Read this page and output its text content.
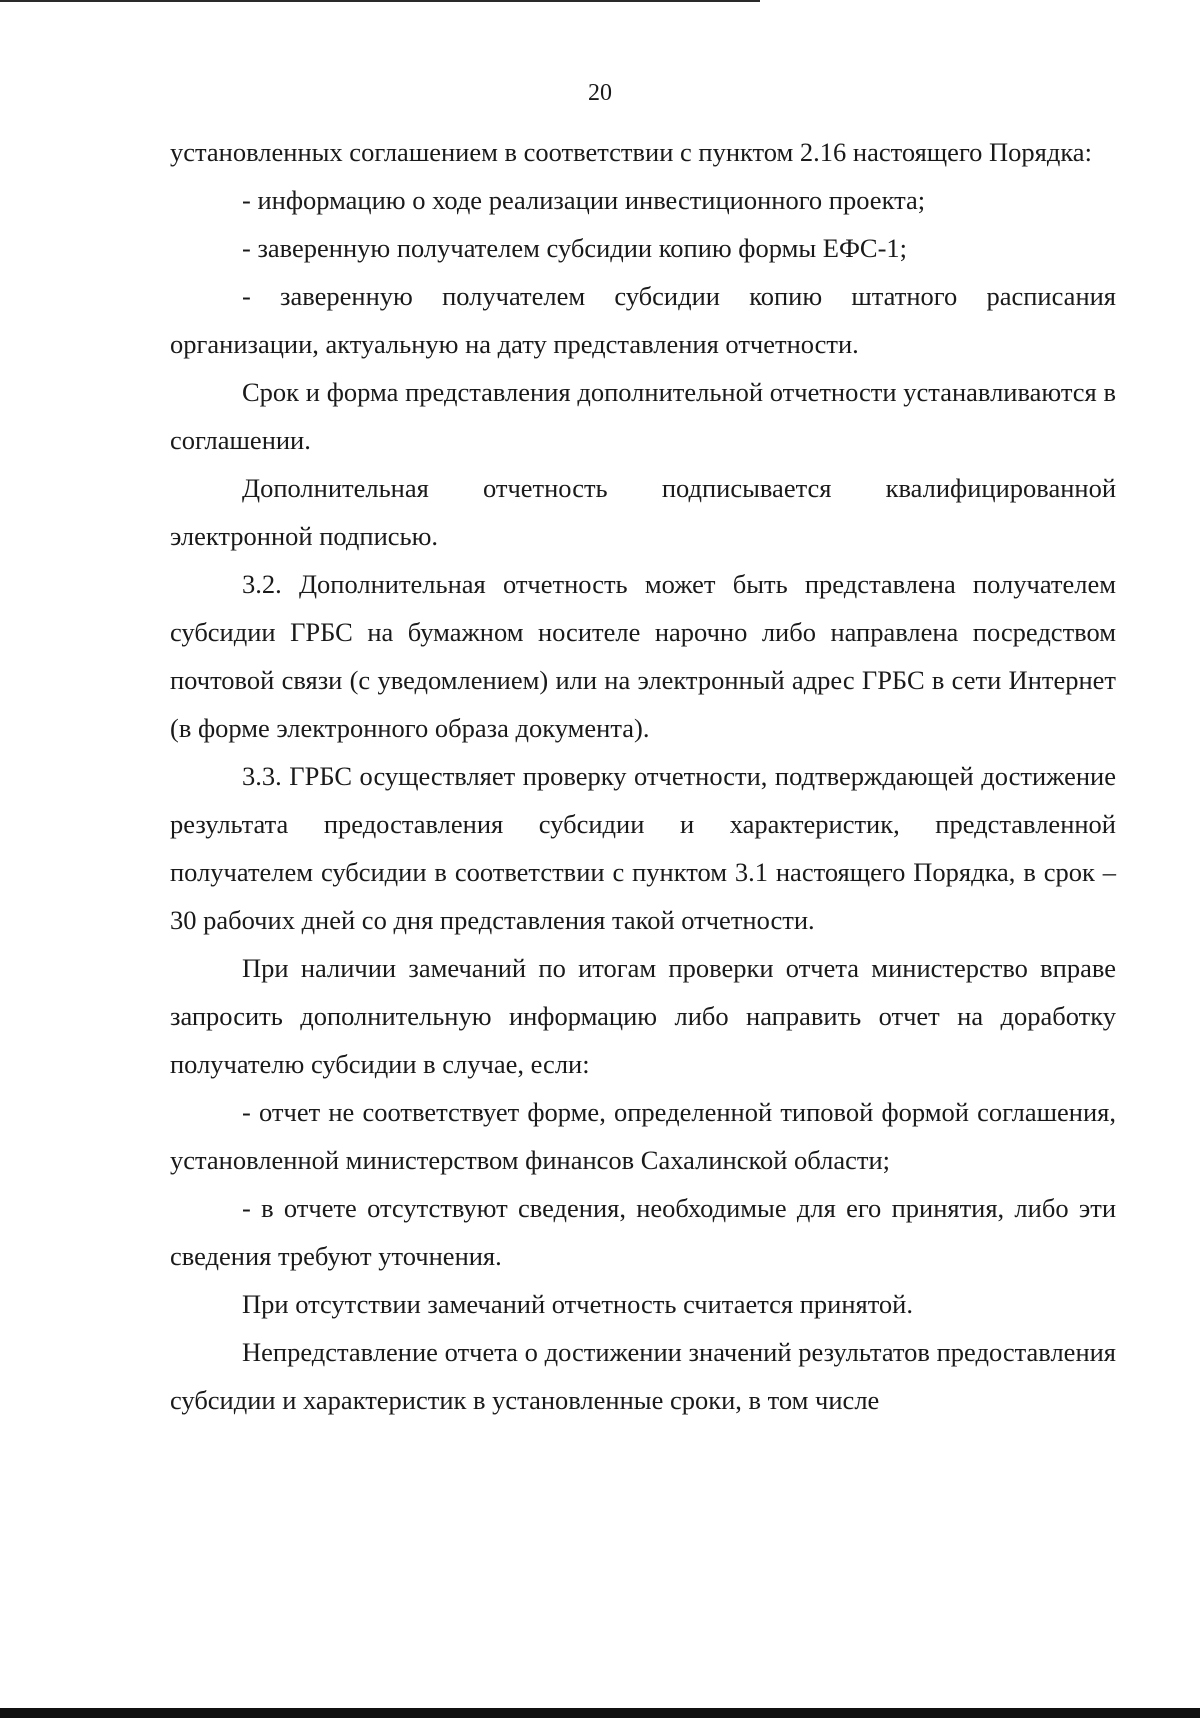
20

установленных соглашением в соответствии с пунктом 2.16 настоящего Порядка:

- информацию о ходе реализации инвестиционного проекта;

- заверенную получателем субсидии копию формы ЕФС-1;

- заверенную получателем субсидии копию штатного расписания организации, актуальную на дату представления отчетности.

Срок и форма представления дополнительной отчетности устанавливаются в соглашении.

Дополнительная отчетность подписывается квалифицированной электронной подписью.

3.2. Дополнительная отчетность может быть представлена получателем субсидии ГРБС на бумажном носителе нарочно либо направлена посредством почтовой связи (с уведомлением) или на электронный адрес ГРБС в сети Интернет (в форме электронного образа документа).

3.3. ГРБС осуществляет проверку отчетности, подтверждающей достижение результата предоставления субсидии и характеристик, представленной получателем субсидии в соответствии с пунктом 3.1 настоящего Порядка, в срок – 30 рабочих дней со дня представления такой отчетности.

При наличии замечаний по итогам проверки отчета министерство вправе запросить дополнительную информацию либо направить отчет на доработку получателю субсидии в случае, если:

- отчет не соответствует форме, определенной типовой формой соглашения, установленной министерством финансов Сахалинской области;

- в отчете отсутствуют сведения, необходимые для его принятия, либо эти сведения требуют уточнения.

При отсутствии замечаний отчетность считается принятой.

Непредставление отчета о достижении значений результатов предоставления субсидии и характеристик в установленные сроки, в том числе
